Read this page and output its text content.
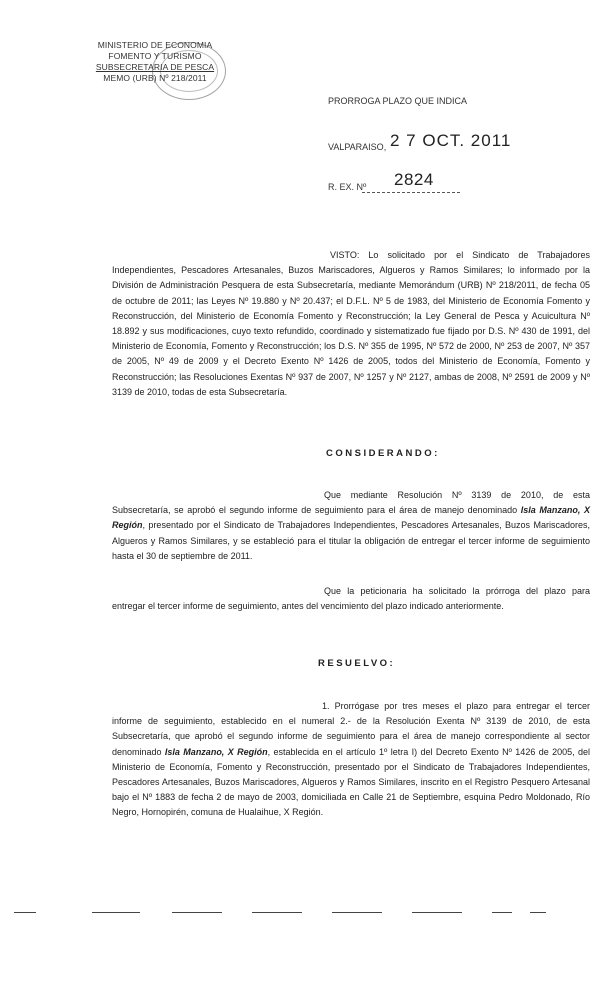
MINISTERIO DE ECONOMIA
FOMENTO Y TURISMO
SUBSECRETARIA DE PESCA
MEMO (URB) Nº 218/2011
PRORROGA PLAZO QUE INDICA
VALPARAISO, 2 7 OCT. 2011
R. EX. Nº 2824
VISTO: Lo solicitado por el Sindicato de Trabajadores Independientes, Pescadores Artesanales, Buzos Mariscadores, Algueros y Ramos Similares; lo informado por la División de Administración Pesquera de esta Subsecretaría, mediante Memorándum (URB) Nº 218/2011, de fecha 05 de octubre de 2011; las Leyes Nº 19.880 y Nº 20.437; el D.F.L. Nº 5 de 1983, del Ministerio de Economía Fomento y Reconstrucción, del Ministerio de Economía Fomento y Reconstrucción; la Ley General de Pesca y Acuicultura Nº 18.892 y sus modificaciones, cuyo texto refundido, coordinado y sistematizado fue fijado por D.S. Nº 430 de 1991, del Ministerio de Economía, Fomento y Reconstrucción; los D.S. Nº 355 de 1995, Nº 572 de 2000, Nº 253 de 2007, Nº 357 de 2005, Nº 49 de 2009 y el Decreto Exento Nº 1426 de 2005, todos del Ministerio de Economía, Fomento y Reconstrucción; las Resoluciones Exentas Nº 937 de 2007, Nº 1257 y Nº 2127, ambas de 2008, Nº 2591 de 2009 y Nº 3139 de 2010, todas de esta Subsecretaría.
CONSIDERANDO:
Que mediante Resolución Nº 3139 de 2010, de esta Subsecretaría, se aprobó el segundo informe de seguimiento para el área de manejo denominado Isla Manzano, X Región, presentado por el Sindicato de Trabajadores Independientes, Pescadores Artesanales, Buzos Mariscadores, Algueros y Ramos Similares, y se estableció para el titular la obligación de entregar el tercer informe de seguimiento hasta el 30 de septiembre de 2011.
Que la peticionaria ha solicitado la prórroga del plazo para entregar el tercer informe de seguimiento, antes del vencimiento del plazo indicado anteriormente.
RESUELVO:
1. Prorrógase por tres meses el plazo para entregar el tercer informe de seguimiento, establecido en el numeral 2.- de la Resolución Exenta Nº 3139 de 2010, de esta Subsecretaría, que aprobó el segundo informe de seguimiento para el área de manejo correspondiente al sector denominado Isla Manzano, X Región, establecida en el artículo 1º letra I) del Decreto Exento Nº 1426 de 2005, del Ministerio de Economía, Fomento y Reconstrucción, presentado por el Sindicato de Trabajadores Independientes, Pescadores Artesanales, Buzos Mariscadores, Algueros y Ramos Similares, inscrito en el Registro Pesquero Artesanal bajo el Nº 1883 de fecha 2 de mayo de 2003, domiciliada en Calle 21 de Septiembre, esquina Pedro Moldonado, Río Negro, Hornopirén, comuna de Hualaihue, X Región.
